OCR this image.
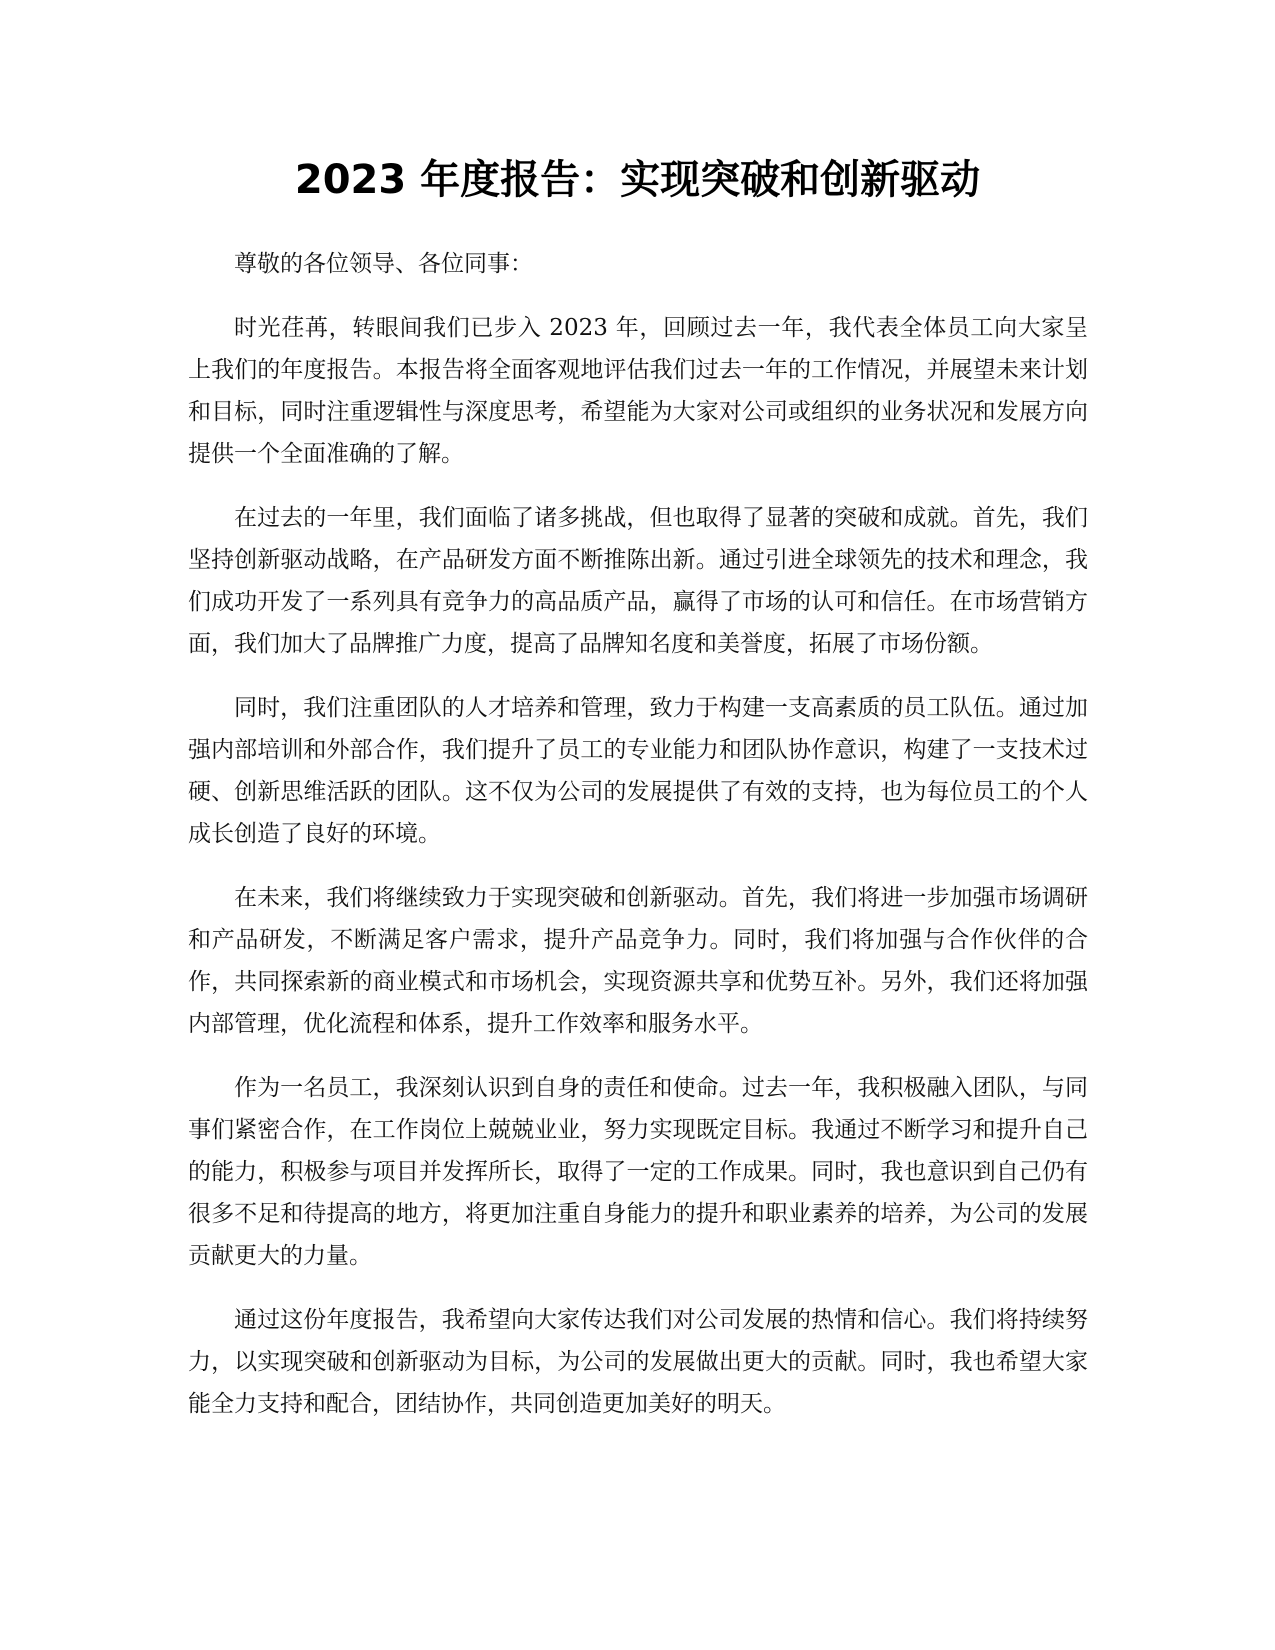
2023 年度报告：实现突破和创新驱动

尊敬的各位领导、各位同事：

时光荏苒，转眼间我们已步入 2023 年，回顾过去一年，我代表全体员工向大家呈上我们的年度报告。本报告将全面客观地评估我们过去一年的工作情况，并展望未来计划和目标，同时注重逻辑性与深度思考，希望能为大家对公司或组织的业务状况和发展方向提供一个全面准确的了解。

在过去的一年里，我们面临了诸多挑战，但也取得了显著的突破和成就。首先，我们坚持创新驱动战略，在产品研发方面不断推陈出新。通过引进全球领先的技术和理念，我们成功开发了一系列具有竞争力的高品质产品，赢得了市场的认可和信任。在市场营销方面，我们加大了品牌推广力度，提高了品牌知名度和美誉度，拓展了市场份额。

同时，我们注重团队的人才培养和管理，致力于构建一支高素质的员工队伍。通过加强内部培训和外部合作，我们提升了员工的专业能力和团队协作意识，构建了一支技术过硬、创新思维活跃的团队。这不仅为公司的发展提供了有效的支持，也为每位员工的个人成长创造了良好的环境。

在未来，我们将继续致力于实现突破和创新驱动。首先，我们将进一步加强市场调研和产品研发，不断满足客户需求，提升产品竞争力。同时，我们将加强与合作伙伴的合作，共同探索新的商业模式和市场机会，实现资源共享和优势互补。另外，我们还将加强内部管理，优化流程和体系，提升工作效率和服务水平。

作为一名员工，我深刻认识到自身的责任和使命。过去一年，我积极融入团队，与同事们紧密合作，在工作岗位上兢兢业业，努力实现既定目标。我通过不断学习和提升自己的能力，积极参与项目并发挥所长，取得了一定的工作成果。同时，我也意识到自己仍有很多不足和待提高的地方，将更加注重自身能力的提升和职业素养的培养，为公司的发展贡献更大的力量。

通过这份年度报告，我希望向大家传达我们对公司发展的热情和信心。我们将持续努力，以实现突破和创新驱动为目标，为公司的发展做出更大的贡献。同时，我也希望大家能全力支持和配合，团结协作，共同创造更加美好的明天。
